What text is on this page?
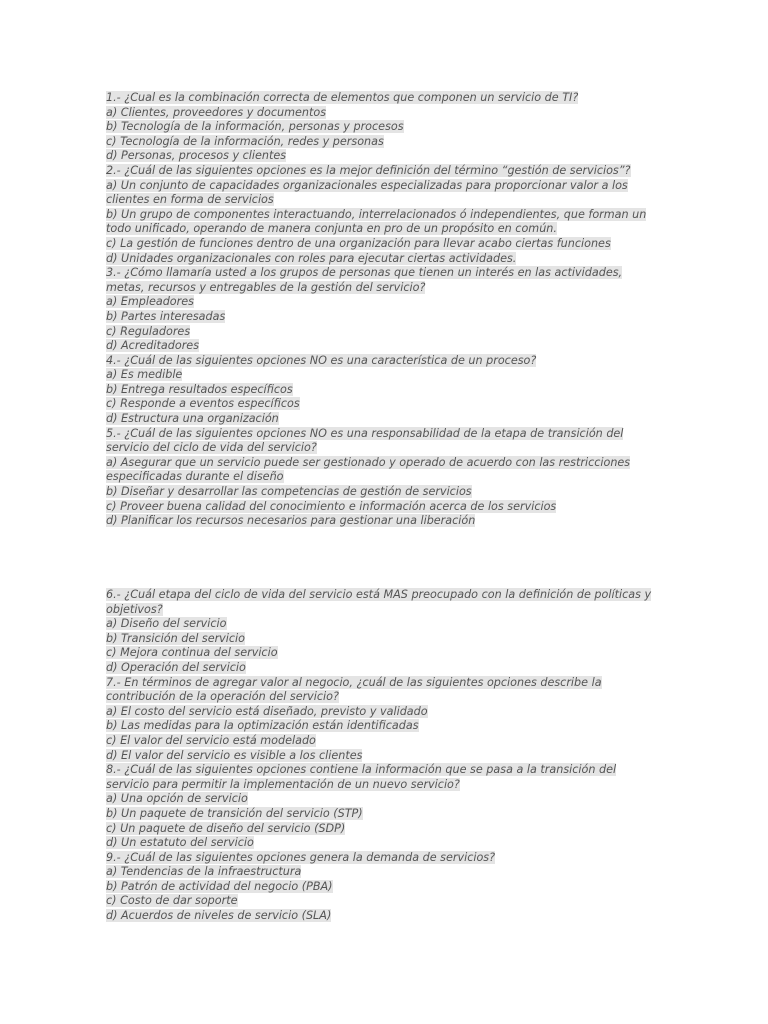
1.- ¿Cual es la combinación correcta de elementos que componen un servicio de TI?
a) Clientes, proveedores y documentos
b) Tecnología de la información, personas y procesos
c) Tecnología de la información, redes y personas
d) Personas, procesos y clientes
2.- ¿Cuál de las siguientes opciones es la mejor definición del término “gestión de servicios”?
a) Un conjunto de capacidades organizacionales especializadas para proporcionar valor a los
clientes en forma de servicios
b) Un grupo de componentes interactuando, interrelacionados ó independientes, que forman un
todo unificado, operando de manera conjunta en pro de un propósito en común.
c) La gestión de funciones dentro de una organización para llevar acabo ciertas funciones
d) Unidades organizacionales con roles para ejecutar ciertas actividades.
3.- ¿Cómo llamaría usted a los grupos de personas que tienen un interés en las actividades,
metas, recursos y entregables de la gestión del servicio?
a) Empleadores
b) Partes interesadas
c) Reguladores
d) Acreditadores
4.- ¿Cuál de las siguientes opciones NO es una característica de un proceso?
a) Es medible
b) Entrega resultados específicos
c) Responde a eventos específicos
d) Estructura una organización
5.- ¿Cuál de las siguientes opciones NO es una responsabilidad de la etapa de transición del
servicio del ciclo de vida del servicio?
a) Asegurar que un servicio puede ser gestionado y operado de acuerdo con las restricciones
especificadas durante el diseño
b) Diseñar y desarrollar las competencias de gestión de servicios
c) Proveer buena calidad del conocimiento e información acerca de los servicios
d) Planificar los recursos necesarios para gestionar una liberación
6.- ¿Cuál etapa del ciclo de vida del servicio está MAS preocupado con la definición de políticas y
objetivos?
a) Diseño del servicio
b) Transición del servicio
c) Mejora continua del servicio
d) Operación del servicio
7.- En términos de agregar valor al negocio, ¿cuál de las siguientes opciones describe la
contribución de la operación del servicio?
a) El costo del servicio está diseñado, previsto y validado
b) Las medidas para la optimización están identificadas
c) El valor del servicio está modelado
d) El valor del servicio es visible a los clientes
8.- ¿Cuál de las siguientes opciones contiene la información que se pasa a la transición del
servicio para permitir la implementación de un nuevo servicio?
a) Una opción de servicio
b) Un paquete de transición del servicio (STP)
c) Un paquete de diseño del servicio (SDP)
d) Un estatuto del servicio
9.- ¿Cuál de las siguientes opciones genera la demanda de servicios?
a) Tendencias de la infraestructura
b) Patrón de actividad del negocio (PBA)
c) Costo de dar soporte
d) Acuerdos de niveles de servicio (SLA)
